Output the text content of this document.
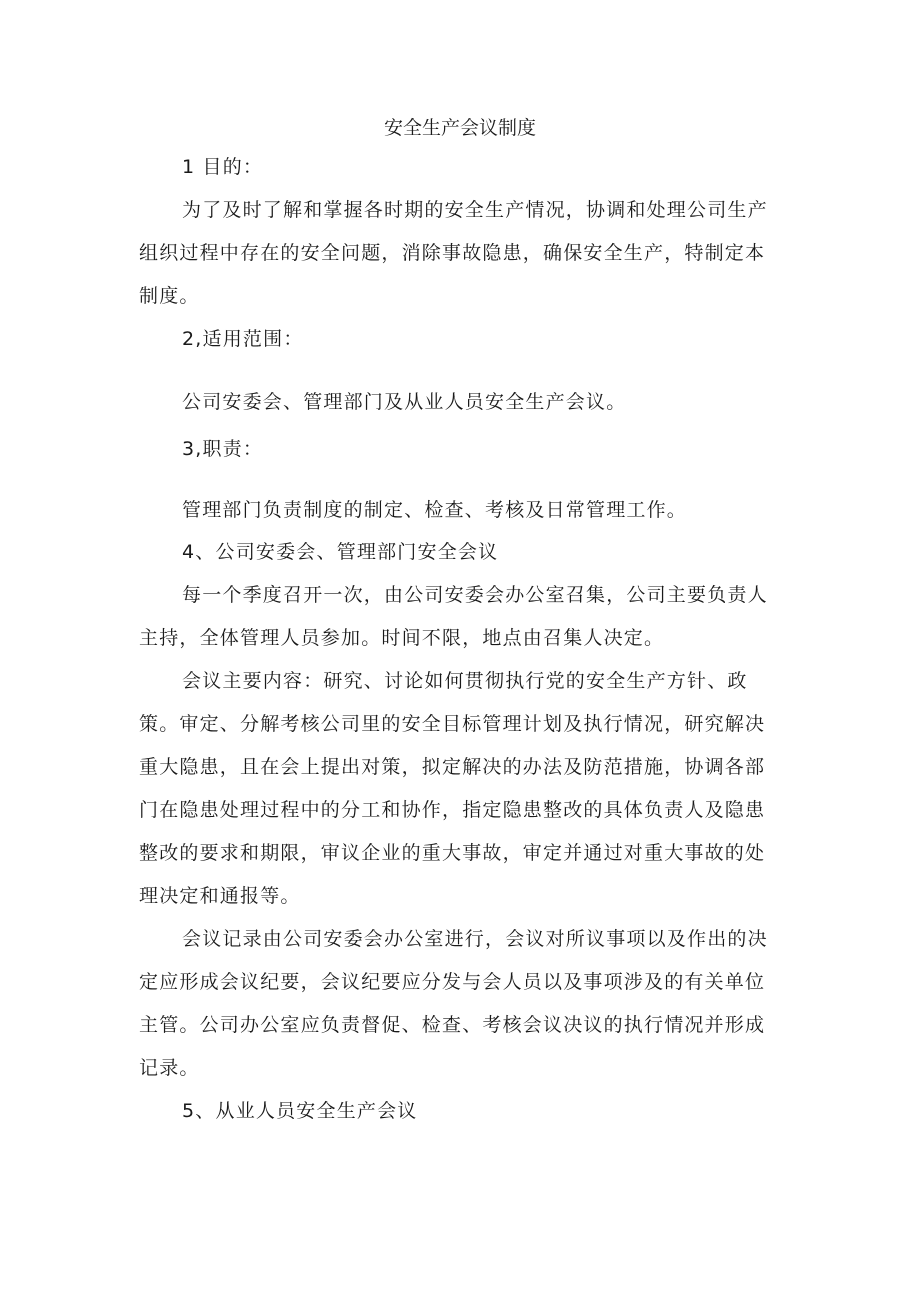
安全生产会议制度
1 目的：
为了及时了解和掌握各时期的安全生产情况，协调和处理公司生产
组织过程中存在的安全问题，消除事故隐患，确保安全生产，特制定本
制度。
2,适用范围：
公司安委会、管理部门及从业人员安全生产会议。
3,职责：
管理部门负责制度的制定、检查、考核及日常管理工作。
4、公司安委会、管理部门安全会议
每一个季度召开一次，由公司安委会办公室召集，公司主要负责人
主持，全体管理人员参加。时间不限，地点由召集人决定。
会议主要内容：研究、讨论如何贯彻执行党的安全生产方针、政
策。审定、分解考核公司里的安全目标管理计划及执行情况，研究解决
重大隐患，且在会上提出对策，拟定解决的办法及防范措施，协调各部
门在隐患处理过程中的分工和协作，指定隐患整改的具体负责人及隐患
整改的要求和期限，审议企业的重大事故，审定并通过对重大事故的处
理决定和通报等。
会议记录由公司安委会办公室进行，会议对所议事项以及作出的决
定应形成会议纪要，会议纪要应分发与会人员以及事项涉及的有关单位
主管。公司办公室应负责督促、检查、考核会议决议的执行情况并形成
记录。
5、从业人员安全生产会议
